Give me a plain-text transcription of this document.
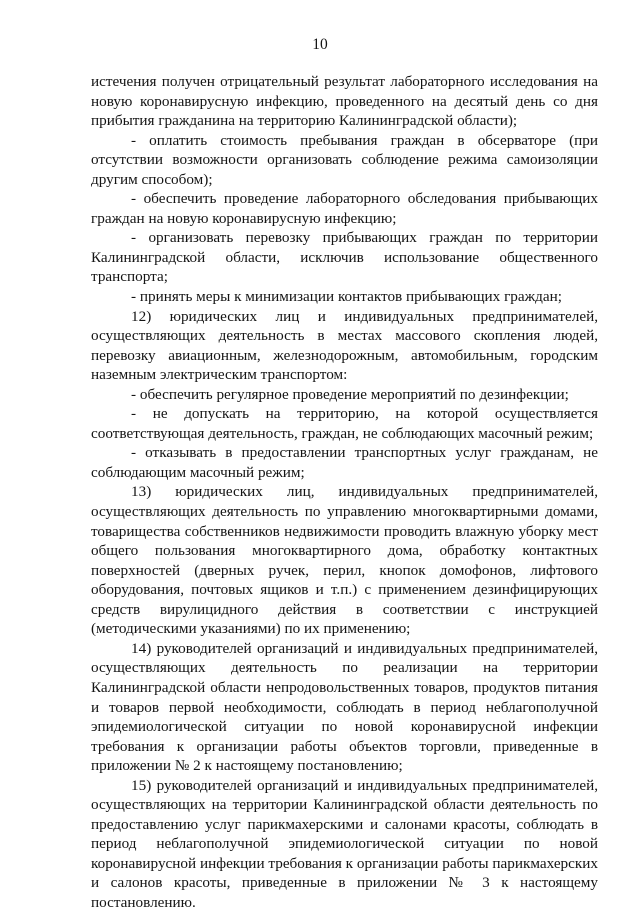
10

истечения получен отрицательный результат лабораторного исследования на новую коронавирусную инфекцию, проведенного на десятый день со дня прибытия гражданина на территорию Калининградской области);

- оплатить стоимость пребывания граждан в обсерваторе (при отсутствии возможности организовать соблюдение режима самоизоляции другим способом);

- обеспечить проведение лабораторного обследования прибывающих граждан на новую коронавирусную инфекцию;

- организовать перевозку прибывающих граждан по территории Калининградской области, исключив использование общественного транспорта;

- принять меры к минимизации контактов прибывающих граждан;

12) юридических лиц и индивидуальных предпринимателей, осуществляющих деятельность в местах массового скопления людей, перевозку авиационным, железнодорожным, автомобильным, городским наземным электрическим транспортом:

- обеспечить регулярное проведение мероприятий по дезинфекции;

- не допускать на территорию, на которой осуществляется соответствующая деятельность, граждан, не соблюдающих масочный режим;

- отказывать в предоставлении транспортных услуг гражданам, не соблюдающим масочный режим;

13) юридических лиц, индивидуальных предпринимателей, осуществляющих деятельность по управлению многоквартирными домами, товарищества собственников недвижимости проводить влажную уборку мест общего пользования многоквартирного дома, обработку контактных поверхностей (дверных ручек, перил, кнопок домофонов, лифтового оборудования, почтовых ящиков и т.п.) с применением дезинфицирующих средств вирулицидного действия в соответствии с инструкцией (методическими указаниями) по их применению;

14) руководителей организаций и индивидуальных предпринимателей, осуществляющих деятельность по реализации на территории Калининградской области непродовольственных товаров, продуктов питания и товаров первой необходимости, соблюдать в период неблагополучной эпидемиологической ситуации по новой коронавирусной инфекции требования к организации работы объектов торговли, приведенные в приложении № 2 к настоящему постановлению;

15) руководителей организаций и индивидуальных предпринимателей, осуществляющих на территории Калининградской области деятельность по предоставлению услуг парикмахерскими и салонами красоты, соблюдать в период неблагополучной эпидемиологической ситуации по новой коронавирусной инфекции требования к организации работы парикмахерских и салонов красоты, приведенные в приложении № 3 к настоящему постановлению.
